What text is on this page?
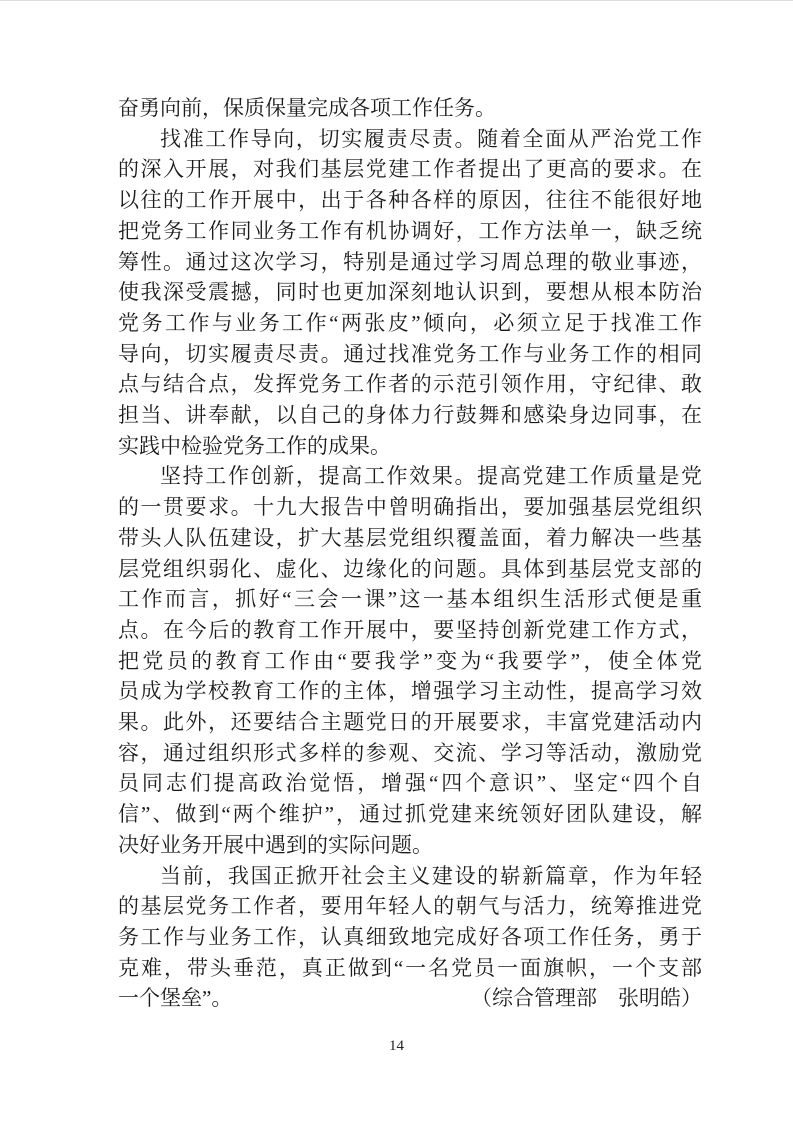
奋勇向前，保质保量完成各项工作任务。
找准工作导向，切实履责尽责。随着全面从严治党工作
的深入开展，对我们基层党建工作者提出了更高的要求。在
以往的工作开展中，出于各种各样的原因，往往不能很好地
把党务工作同业务工作有机协调好，工作方法单一，缺乏统
筹性。通过这次学习，特别是通过学习周总理的敬业事迹，
使我深受震撼，同时也更加深刻地认识到，要想从根本防治
党务工作与业务工作“两张皮”倾向，必须立足于找准工作
导向，切实履责尽责。通过找准党务工作与业务工作的相同
点与结合点，发挥党务工作者的示范引领作用，守纪律、敢
担当、讲奉献，以自己的身体力行鼓舞和感染身边同事，在
实践中检验党务工作的成果。
坚持工作创新，提高工作效果。提高党建工作质量是党
的一贯要求。十九大报告中曾明确指出，要加强基层党组织
带头人队伍建设，扩大基层党组织覆盖面，着力解决一些基
层党组织弱化、虚化、边缘化的问题。具体到基层党支部的
工作而言，抓好“三会一课”这一基本组织生活形式便是重
点。在今后的教育工作开展中，要坚持创新党建工作方式，
把党员的教育工作由“要我学”变为“我要学”，使全体党
员成为学校教育工作的主体，增强学习主动性，提高学习效
果。此外，还要结合主题党日的开展要求，丰富党建活动内
容，通过组织形式多样的参观、交流、学习等活动，激励党
员同志们提高政治觉悟，增强“四个意识”、坚定“四个自
信”、做到“两个维护”，通过抓党建来统领好团队建设，解
决好业务开展中遇到的实际问题。
当前，我国正掀开社会主义建设的崭新篇章，作为年轻
的基层党务工作者，要用年轻人的朝气与活力，统筹推进党
务工作与业务工作，认真细致地完成好各项工作任务，勇于
克难，带头垂范，真正做到“一名党员一面旗帜，一个支部
一个堡垒”。	（综合管理部　张明皓）
14
